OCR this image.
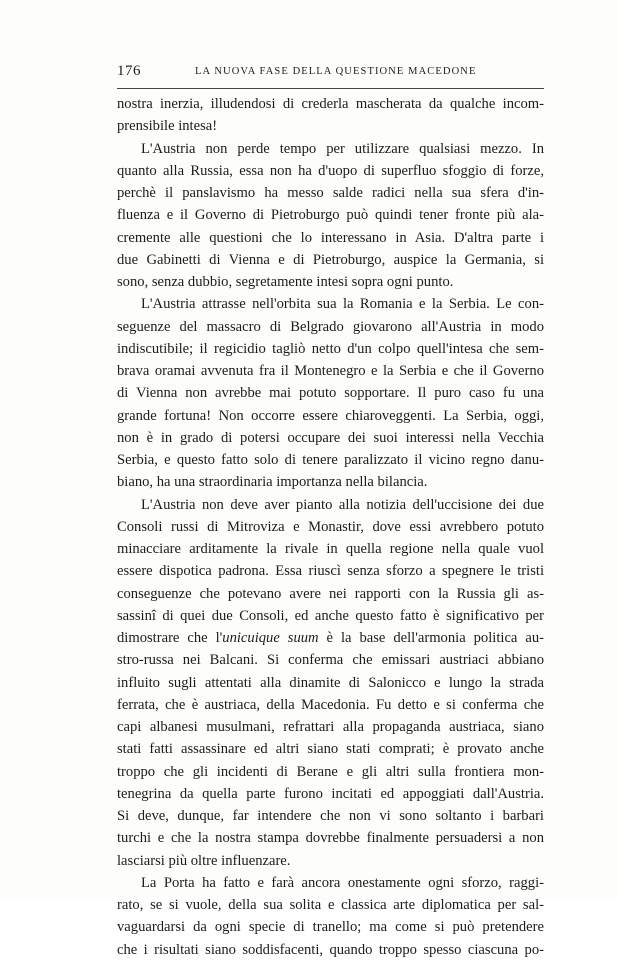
176	LA NUOVA FASE DELLA QUESTIONE MACEDONE
nostra inerzia, illudendosi di crederla mascherata da qualche incom-
prensibile intesa!
L'Austria non perde tempo per utilizzare qualsiasi mezzo. In
quanto alla Russia, essa non ha d'uopo di superfluo sfoggio di forze,
perchè il panslavismo ha messo salde radici nella sua sfera d'in-
fluenza e il Governo di Pietroburgo può quindi tener fronte più ala-
cremente alle questioni che lo interessano in Asia. D'altra parte i
due Gabinetti di Vienna e di Pietroburgo, auspice la Germania, si
sono, senza dubbio, segretamente intesi sopra ogni punto.
L'Austria attrasse nell'orbita sua la Romania e la Serbia. Le con-
seguenze del massacro di Belgrado giovarono all'Austria in modo
indiscutibile; il regicidio tagliò netto d'un colpo quell'intesa che sem-
brava oramai avvenuta fra il Montenegro e la Serbia e che il Governo
di Vienna non avrebbe mai potuto sopportare. Il puro caso fu una
grande fortuna! Non occorre essere chiaroveggenti. La Serbia, oggi,
non è in grado di potersi occupare dei suoi interessi nella Vecchia
Serbia, e questo fatto solo di tenere paralizzato il vicino regno danu-
biano, ha una straordinaria importanza nella bilancia.
L'Austria non deve aver pianto alla notizia dell'uccisione dei due
Consoli russi di Mitroviza e Monastir, dove essi avrebbero potuto
minacciare arditamente la rivale in quella regione nella quale vuol
essere dispotica padrona. Essa riuscì senza sforzo a spegnere le tristi
conseguenze che potevano avere nei rapporti con la Russia gli as-
sassinî di quei due Consoli, ed anche questo fatto è significativo per
dimostrare che l'unicuique suum è la base dell'armonia politica au-
stro-russa nei Balcani. Si conferma che emissari austriaci abbiano
influito sugli attentati alla dinamite di Salonicco e lungo la strada
ferrata, che è austriaca, della Macedonia. Fu detto e si conferma che
capi albanesi musulmani, refrattari alla propaganda austriaca, siano
stati fatti assassinare ed altri siano stati comprati; è provato anche
troppo che gli incidenti di Berane e gli altri sulla frontiera mon-
tenegrina da quella parte furono incitati ed appoggiati dall'Austria.
Si deve, dunque, far intendere che non vi sono soltanto i barbari
turchi e che la nostra stampa dovrebbe finalmente persuadersi a non
lasciarsi più oltre influenzare.
La Porta ha fatto e farà ancora onestamente ogni sforzo, raggi-
rato, se si vuole, della sua solita e classica arte diplomatica per sal-
vaguardarsi da ogni specie di tranello; ma come si può pretendere
che i risultati siano soddisfacenti, quando troppo spesso ciascuna po-
